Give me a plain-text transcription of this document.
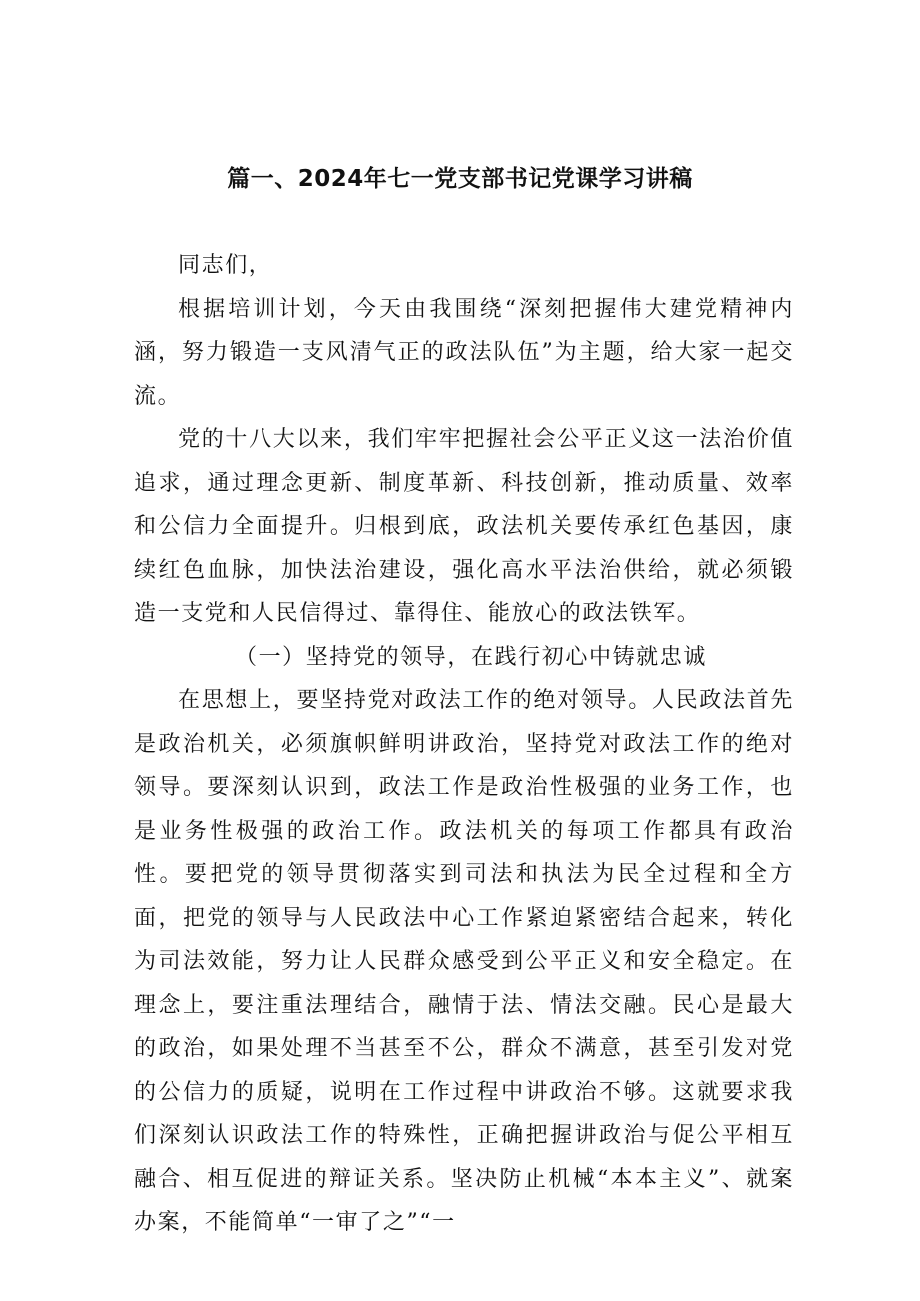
篇一、2024年七一党支部书记党课学习讲稿

同志们，

根据培训计划，今天由我围绕“深刻把握伟大建党精神内涵，努力锻造一支风清气正的政法队伍”为主题，给大家一起交流。

党的十八大以来，我们牢牢把握社会公平正义这一法治价值追求，通过理念更新、制度革新、科技创新，推动质量、效率和公信力全面提升。归根到底，政法机关要传承红色基因，康续红色血脉，加快法治建设，强化高水平法治供给，就必须锻造一支党和人民信得过、靠得住、能放心的政法铁军。

（一）坚持党的领导，在践行初心中铸就忠诚

在思想上，要坚持党对政法工作的绝对领导。人民政法首先是政治机关，必须旗帜鲜明讲政治，坚持党对政法工作的绝对领导。要深刻认识到，政法工作是政治性极强的业务工作，也是业务性极强的政治工作。政法机关的每项工作都具有政治性。要把党的领导贯彻落实到司法和执法为民全过程和全方面，把党的领导与人民政法中心工作紧迫紧密结合起来，转化为司法效能，努力让人民群众感受到公平正义和安全稳定。在理念上，要注重法理结合，融情于法、情法交融。民心是最大的政治，如果处理不当甚至不公，群众不满意，甚至引发对党的公信力的质疑，说明在工作过程中讲政治不够。这就要求我们深刻认识政法工作的特殊性，正确把握讲政治与促公平相互融合、相互促进的辩证关系。坚决防止机械“本本主义”、就案办案，不能简单“一审了之”“一
